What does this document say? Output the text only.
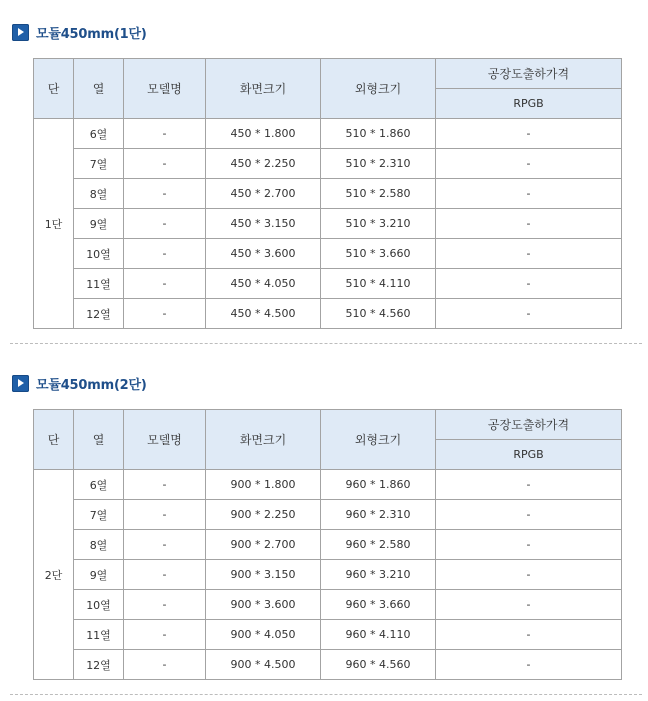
모듈450mm(1단)
단	열	모델명	화면크기	외형크기	공장도출하가격
					RPGB
1단	6열	-	450 * 1.800	510 * 1.860	-
	7열	-	450 * 2.250	510 * 2.310	-
	8열	-	450 * 2.700	510 * 2.580	-
	9열	-	450 * 3.150	510 * 3.210	-
	10열	-	450 * 3.600	510 * 3.660	-
	11열	-	450 * 4.050	510 * 4.110	-
	12열	-	450 * 4.500	510 * 4.560	-
모듈450mm(2단)
단	열	모델명	화면크기	외형크기	공장도출하가격
					RPGB
2단	6열	-	900 * 1.800	960 * 1.860	-
	7열	-	900 * 2.250	960 * 2.310	-
	8열	-	900 * 2.700	960 * 2.580	-
	9열	-	900 * 3.150	960 * 3.210	-
	10열	-	900 * 3.600	960 * 3.660	-
	11열	-	900 * 4.050	960 * 4.110	-
	12열	-	900 * 4.500	960 * 4.560	-
